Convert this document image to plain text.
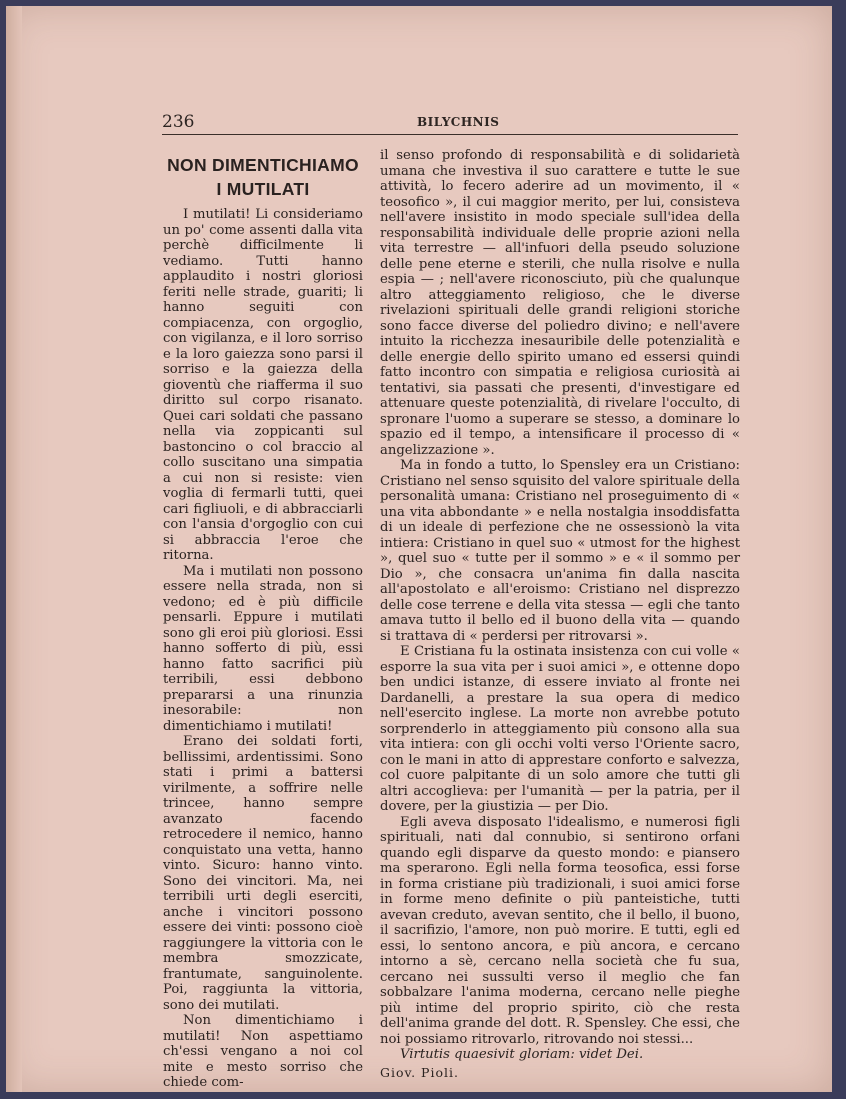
236	BILYCHNIS
NON DIMENTICHIAMO
I MUTILATI

I mutilati! Li consideriamo un po' come assenti dalla vita perchè difficilmente li vediamo. Tutti hanno applaudito i nostri gloriosi feriti nelle strade, guariti; li hanno seguiti con compiacenza, con orgoglio, con vigilanza, e il loro sorriso e la loro gaiezza sono parsi il sorriso e la gaiezza della gioventù che riafferma il suo diritto sul corpo risanato. Quei cari soldati che passano nella via zoppicanti sul bastoncino o col braccio al collo suscitano una simpatia a cui non si resiste: vien voglia di fermarli tutti, quei cari figliuoli, e di abbracciarli con l'ansia d'orgoglio con cui si abbraccia l'eroe che ritorna.

Ma i mutilati non possono essere nella strada, non si vedono; ed è più difficile pensarli. Eppure i mutilati sono gli eroi più gloriosi. Essi hanno sofferto di più, essi hanno fatto sacrifici più terribili, essi debbono prepararsi a una rinunzia inesorabile: non dimentichiamo i mutilati!

Erano dei soldati forti, bellissimi, ardentissimi. Sono stati i primi a battersi virilmente, a soffrire nelle trincee, hanno sempre avanzato facendo retrocedere il nemico, hanno conquistato una vetta, hanno vinto. Sicuro: hanno vinto. Sono dei vincitori. Ma, nei terribili urti degli eserciti, anche i vincitori possono essere dei vinti: possono cioè raggiungere la vittoria con le membra smozzicate, frantumate, sanguinolente. Poi, raggiunta la vittoria, sono dei mutilati.

Non dimentichiamo i mutilati! Non aspettiamo ch'essi vengano a noi col mite e mesto sorriso che chiede com-

il senso profondo di responsabilità e di solidarietà umana che investiva il suo carattere e tutte le sue attività, lo fecero aderire ad un movimento, il « teosofico », il cui maggior merito, per lui, consisteva nell'avere insistito in modo speciale sull'idea della responsabilità individuale delle proprie azioni nella vita terrestre — all'infuori della pseudo soluzione delle pene eterne e sterili, che nulla risolve e nulla espia — ; nell'avere riconosciuto, più che qualunque altro atteggiamento religioso, che le diverse rivelazioni spirituali delle grandi religioni storiche sono facce diverse del poliedro divino; e nell'avere intuito la ricchezza inesauribile delle potenzialità e delle energie dello spirito umano ed essersi quindi fatto incontro con simpatia e religiosa curiosità ai tentativi, sia passati che presenti, d'investigare ed attenuare queste potenzialità, di rivelare l'occulto, di spronare l'uomo a superare se stesso, a dominare lo spazio ed il tempo, a intensificare il processo di « angelizzazione ».

Ma in fondo a tutto, lo Spensley era un Cristiano: Cristiano nel senso squisito del valore spirituale della personalità umana: Cristiano nel proseguimento di « una vita abbondante » e nella nostalgia insoddisfatta di un ideale di perfezione che ne ossessionò la vita intiera: Cristiano in quel suo « utmost for the highest », quel suo « tutte per il sommo » e « il sommo per Dio », che consacra un'anima fin dalla nascita all'apostolato e all'eroismo: Cristiano nel disprezzo delle cose terrene e della vita stessa — egli che tanto amava tutto il bello ed il buono della vita — quando si trattava di « perdersi per ritrovarsi ».

E Cristiana fu la ostinata insistenza con cui volle « esporre la sua vita per i suoi amici », e ottenne dopo ben undici istanze, di essere inviato al fronte nei Dardanelli, a prestare la sua opera di medico nell'esercito inglese. La morte non avrebbe potuto sorprenderlo in atteggiamento più consono alla sua vita intiera: con gli occhi volti verso l'Oriente sacro, con le mani in atto di apprestare conforto e salvezza, col cuore palpitante di un solo amore che tutti gli altri accoglieva: per l'umanità — per la patria, per il dovere, per la giustizia — per Dio.

Egli aveva disposato l'idealismo, e numerosi figli spirituali, nati dal connubio, si sentirono orfani quando egli disparve da questo mondo: e piansero ma sperarono. Egli nella forma teosofica, essi forse in forma cristiane più tradizionali, i suoi amici forse in forme meno definite o più panteistiche, tutti avevan creduto, avevan sentito, che il bello, il buono, il sacrifizio, l'amore, non può morire. E tutti, egli ed essi, lo sentono ancora, e più ancora, e cercano intorno a sè, cercano nella società che fu sua, cercano nei sussulti verso il meglio che fan sobbalzare l'anima moderna, cercano nelle pieghe più intime del proprio spirito, ciò che resta dell'anima grande del dott. R. Spensley. Che essi, che noi possiamo ritrovarlo, ritrovando noi stessi...

Virtutis quaesivit gloriam: videt Dei.

Giov. Pioli.
